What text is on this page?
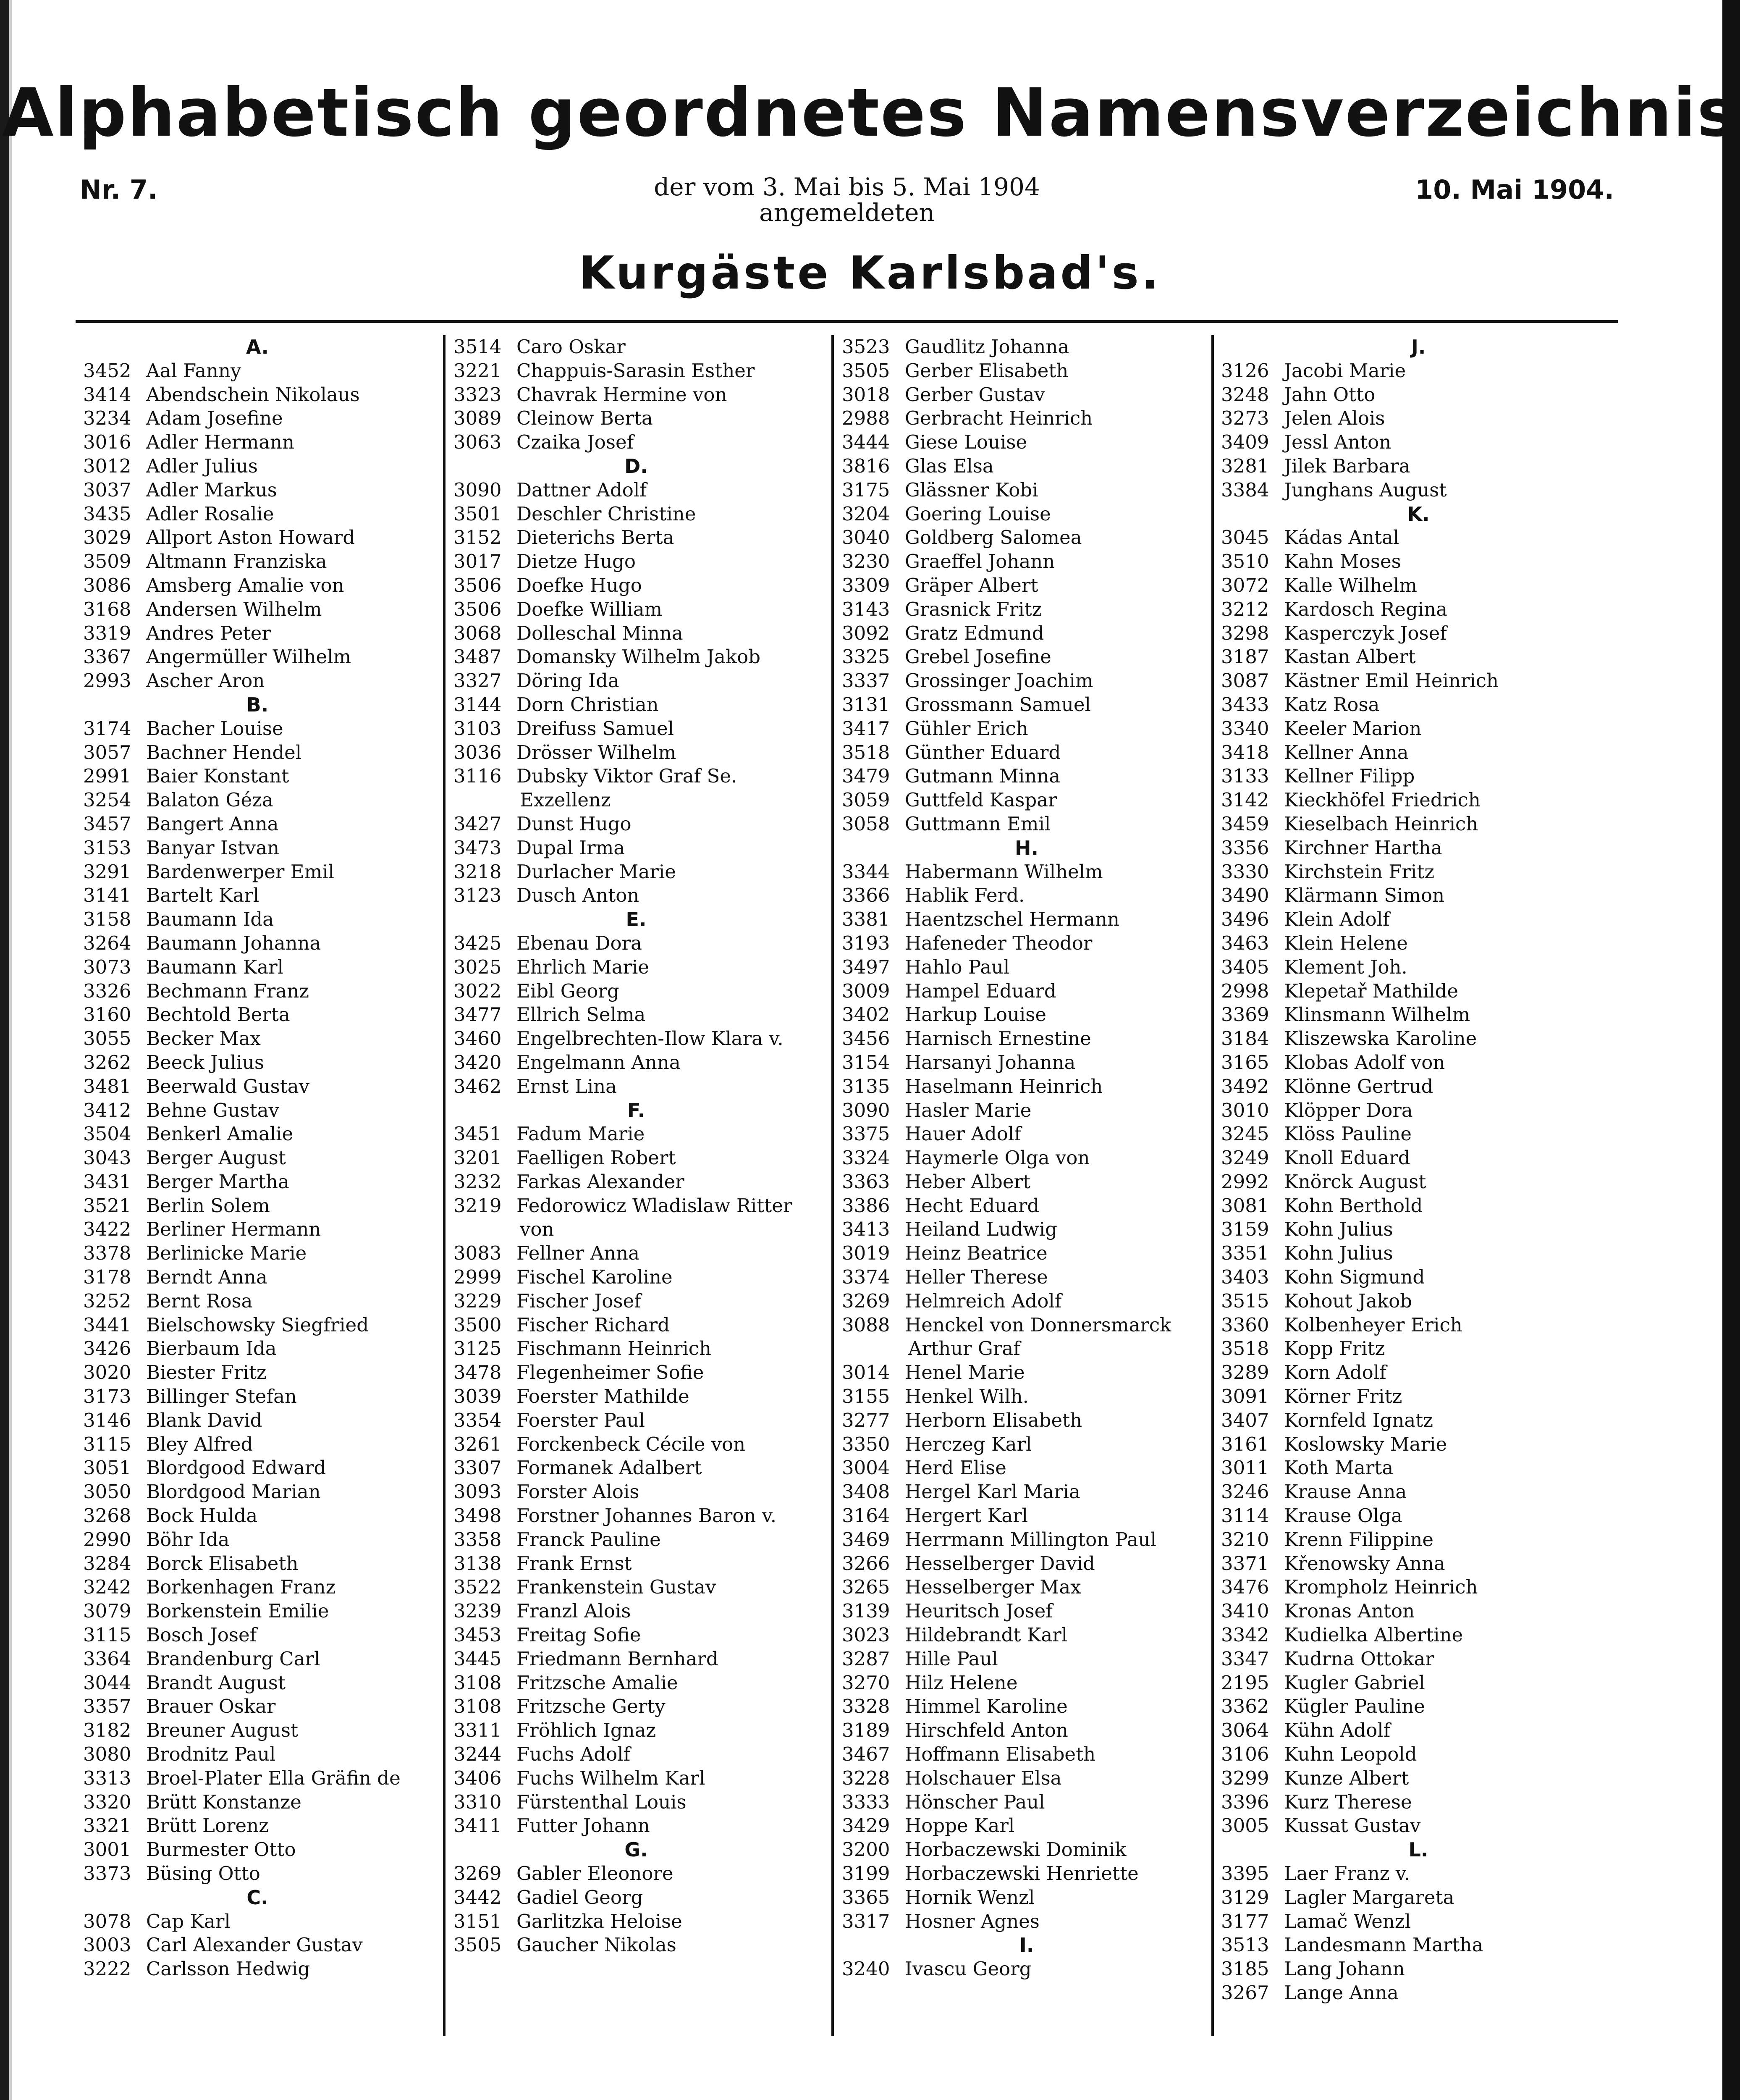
Alphabetisch geordnetes Namensverzeichnis
Nr. 7.	der vom 3. Mai bis 5. Mai 1904
angemeldeten
10. Mai 1904.
Kurgäste Karlsbad's.
A.
3452 Aal Fanny
3414 Abendschein Nikolaus
3234 Adam Josefine
3016 Adler Hermann
3012 Adler Julius
3037 Adler Markus
3435 Adler Rosalie
3029 Allport Aston Howard
3509 Altmann Franziska
3086 Amsberg Amalie von
3168 Andersen Wilhelm
3319 Andres Peter
3367 Angermüller Wilhelm
2993 Ascher Aron
B.
3174 Bacher Louise
3057 Bachner Hendel
2991 Baier Konstant
3254 Balaton Géza
3457 Bangert Anna
3153 Banyar Istvan
3291 Bardenwerper Emil
3141 Bartelt Karl
3158 Baumann Ida
3264 Baumann Johanna
3073 Baumann Karl
3326 Bechmann Franz
3160 Bechtold Berta
3055 Becker Max
3262 Beeck Julius
3481 Beerwald Gustav
3412 Behne Gustav
3504 Benkerl Amalie
3043 Berger August
3431 Berger Martha
3521 Berlin Solem
3422 Berliner Hermann
3378 Berlinicke Marie
3178 Berndt Anna
3252 Bernt Rosa
3441 Bielschowsky Siegfried
3426 Bierbaum Ida
3020 Biester Fritz
3173 Billinger Stefan
3146 Blank David
3115 Bley Alfred
3051 Blordgood Edward
3050 Blordgood Marian
3268 Bock Hulda
2990 Böhr Ida
3284 Borck Elisabeth
3242 Borkenhagen Franz
3079 Borkenstein Emilie
3115 Bosch Josef
3364 Brandenburg Carl
3044 Brandt August
3357 Brauer Oskar
3182 Breuner August
3080 Brodnitz Paul
3313 Broel-Plater Ella Gräfin de
3320 Brütt Konstanze
3321 Brütt Lorenz
3001 Burmester Otto
3373 Büsing Otto
C.
3078 Cap Karl
3003 Carl Alexander Gustav
3222 Carlsson Hedwig
3514 Caro Oskar
3221 Chappuis-Sarasin Esther
3323 Chavrak Hermine von
3089 Cleinow Berta
3063 Czaika Josef
D.
3090 Dattner Adolf
3501 Deschler Christine
3152 Dieterichs Berta
3017 Dietze Hugo
3506 Doefke Hugo
3506 Doefke William
3068 Dolleschal Minna
3487 Domansky Wilhelm Jakob
3327 Döring Ida
3144 Dorn Christian
3103 Dreifuss Samuel
3036 Drösser Wilhelm
3116 Dubsky Viktor Graf Se.
Exzellenz
3427 Dunst Hugo
3473 Dupal Irma
3218 Durlacher Marie
3123 Dusch Anton
E.
3425 Ebenau Dora
3025 Ehrlich Marie
3022 Eibl Georg
3477 Ellrich Selma
3460 Engelbrechten-Ilow Klara v.
3420 Engelmann Anna
3462 Ernst Lina
F.
3451 Fadum Marie
3201 Faelligen Robert
3232 Farkas Alexander
3219 Fedorowicz Wladislaw Ritter
von
3083 Fellner Anna
2999 Fischel Karoline
3229 Fischer Josef
3500 Fischer Richard
3125 Fischmann Heinrich
3478 Flegenheimer Sofie
3039 Foerster Mathilde
3354 Foerster Paul
3261 Forckenbeck Cécile von
3307 Formanek Adalbert
3093 Forster Alois
3498 Forstner Johannes Baron v.
3358 Franck Pauline
3138 Frank Ernst
3522 Frankenstein Gustav
3239 Franzl Alois
3453 Freitag Sofie
3445 Friedmann Bernhard
3108 Fritzsche Amalie
3108 Fritzsche Gerty
3311 Fröhlich Ignaz
3244 Fuchs Adolf
3406 Fuchs Wilhelm Karl
3310 Fürstenthal Louis
3411 Futter Johann
G.
3269 Gabler Eleonore
3442 Gadiel Georg
3151 Garlitzka Heloise
3505 Gaucher Nikolas
3523 Gaudlitz Johanna
3505 Gerber Elisabeth
3018 Gerber Gustav
2988 Gerbracht Heinrich
3444 Giese Louise
3816 Glas Elsa
3175 Glässner Kobi
3204 Goering Louise
3040 Goldberg Salomea
3230 Graeffel Johann
3309 Gräper Albert
3143 Grasnick Fritz
3092 Gratz Edmund
3325 Grebel Josefine
3337 Grossinger Joachim
3131 Grossmann Samuel
3417 Gühler Erich
3518 Günther Eduard
3479 Gutmann Minna
3059 Guttfeld Kaspar
3058 Guttmann Emil
H.
3344 Habermann Wilhelm
3366 Hablik Ferd.
3381 Haentzschel Hermann
3193 Hafeneder Theodor
3497 Hahlo Paul
3009 Hampel Eduard
3402 Harkup Louise
3456 Harnisch Ernestine
3154 Harsanyi Johanna
3135 Haselmann Heinrich
3090 Hasler Marie
3375 Hauer Adolf
3324 Haymerle Olga von
3363 Heber Albert
3386 Hecht Eduard
3413 Heiland Ludwig
3019 Heinz Beatrice
3374 Heller Therese
3269 Helmreich Adolf
3088 Henckel von Donnersmarck
Arthur Graf
3014 Henel Marie
3155 Henkel Wilh.
3277 Herborn Elisabeth
3350 Herczeg Karl
3004 Herd Elise
3408 Hergel Karl Maria
3164 Hergert Karl
3469 Herrmann Millington Paul
3266 Hesselberger David
3265 Hesselberger Max
3139 Heuritsch Josef
3023 Hildebrandt Karl
3287 Hille Paul
3270 Hilz Helene
3328 Himmel Karoline
3189 Hirschfeld Anton
3467 Hoffmann Elisabeth
3228 Holschauer Elsa
3333 Hönscher Paul
3429 Hoppe Karl
3200 Horbaczewski Dominik
3199 Horbaczewski Henriette
3365 Hornik Wenzl
3317 Hosner Agnes
I.
3240 Ivascu Georg
J.
3126 Jacobi Marie
3248 Jahn Otto
3273 Jelen Alois
3409 Jessl Anton
3281 Jilek Barbara
3384 Junghans August
K.
3045 Kádas Antal
3510 Kahn Moses
3072 Kalle Wilhelm
3212 Kardosch Regina
3298 Kasperczyk Josef
3187 Kastan Albert
3087 Kästner Emil Heinrich
3433 Katz Rosa
3340 Keeler Marion
3418 Kellner Anna
3133 Kellner Filipp
3142 Kieckhöfel Friedrich
3459 Kieselbach Heinrich
3356 Kirchner Hartha
3330 Kirchstein Fritz
3490 Klärmann Simon
3496 Klein Adolf
3463 Klein Helene
3405 Klement Joh.
2998 Klepetař Mathilde
3369 Klinsmann Wilhelm
3184 Kliszewska Karoline
3165 Klobas Adolf von
3492 Klönne Gertrud
3010 Klöpper Dora
3245 Klöss Pauline
3249 Knoll Eduard
2992 Knörck August
3081 Kohn Berthold
3159 Kohn Julius
3351 Kohn Julius
3403 Kohn Sigmund
3515 Kohout Jakob
3360 Kolbenheyer Erich
3518 Kopp Fritz
3289 Korn Adolf
3091 Körner Fritz
3407 Kornfeld Ignatz
3161 Koslowsky Marie
3011 Koth Marta
3246 Krause Anna
3114 Krause Olga
3210 Krenn Filippine
3371 Křenowsky Anna
3476 Krompholz Heinrich
3410 Kronas Anton
3342 Kudielka Albertine
3347 Kudrna Ottokar
2195 Kugler Gabriel
3362 Kügler Pauline
3064 Kühn Adolf
3106 Kuhn Leopold
3299 Kunze Albert
3396 Kurz Therese
3005 Kussat Gustav
L.
3395 Laer Franz v.
3129 Lagler Margareta
3177 Lamač Wenzl
3513 Landesmann Martha
3185 Lang Johann
3267 Lange Anna
